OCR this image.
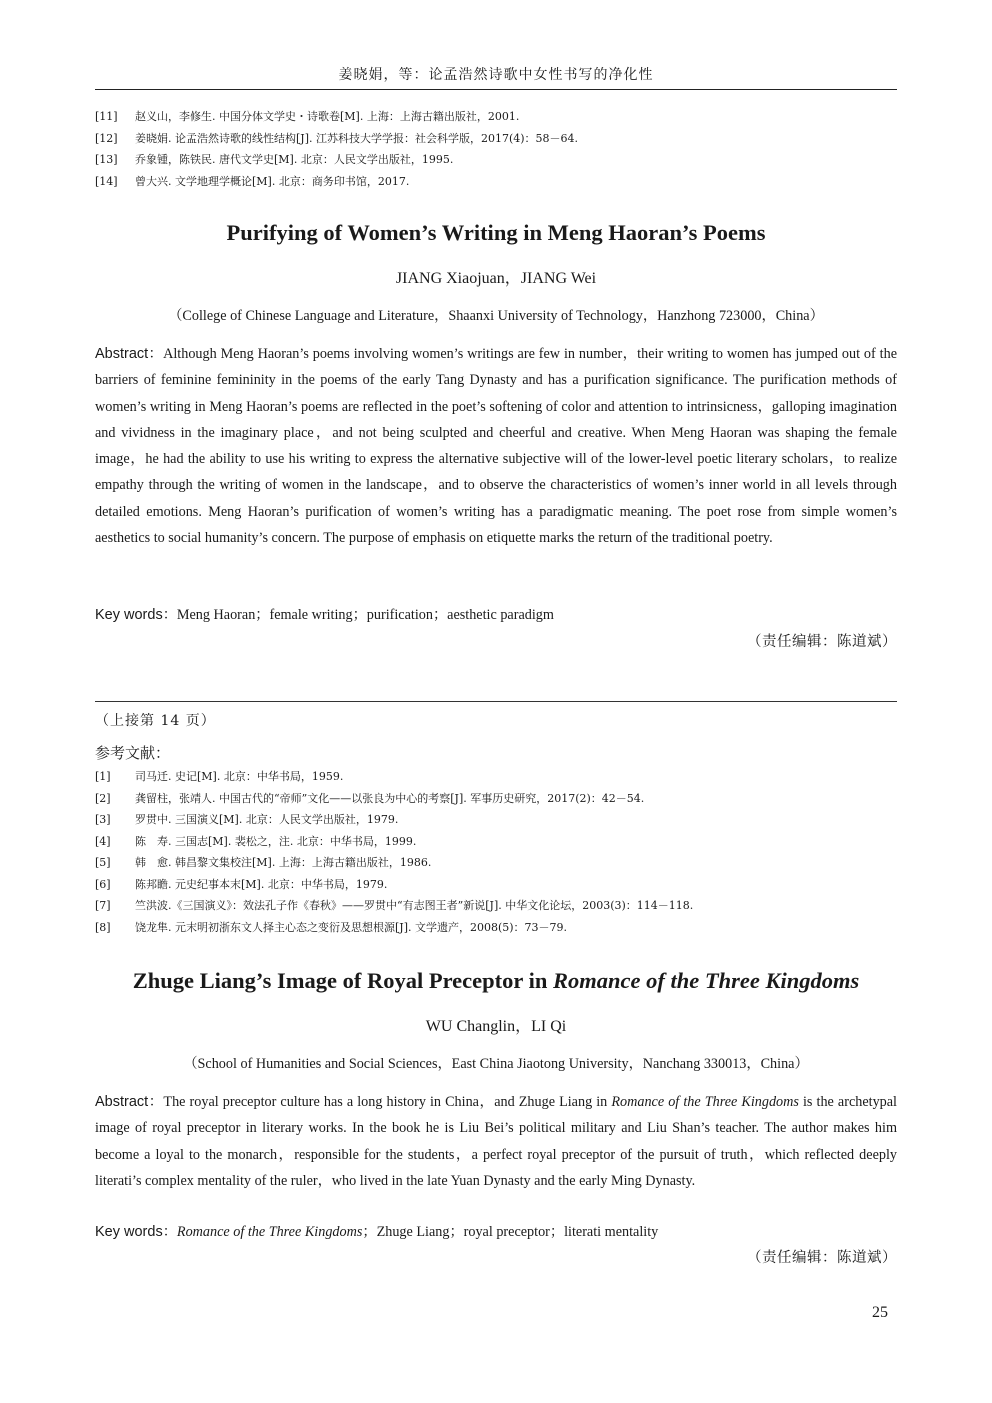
姜晓娟，等：论孟浩然诗歌中女性书写的净化性
[11]	赵义山，李修生. 中国分体文学史・诗歌卷[M]. 上海：上海古籍出版社，2001.
[12]	姜晓娟. 论孟浩然诗歌的线性结构[J]. 江苏科技大学学报：社会科学版，2017(4)：58－64.
[13]	乔象锺，陈铁民. 唐代文学史[M]. 北京：人民文学出版社，1995.
[14]	曾大兴. 文学地理学概论[M]. 北京：商务印书馆，2017.
Purifying of Women’s Writing in Meng Haoran’s Poems
JIANG Xiaojuan，JIANG Wei
（College of Chinese Language and Literature，Shaanxi University of Technology，Hanzhong 723000，China）
Abstract：Although Meng Haoran’s poems involving women’s writings are few in number，their writing to women has jumped out of the barriers of feminine femininity in the poems of the early Tang Dynasty and has a purification significance. The purification methods of women’s writing in Meng Haoran’s poems are reflected in the poet’s softening of color and attention to intrinsicness，galloping imagination and vividness in the imaginary place，and not being sculpted and cheerful and creative. When Meng Haoran was shaping the female image，he had the ability to use his writing to express the alternative subjective will of the lower-level poetic literary scholars，to realize empathy through the writing of women in the landscape，and to observe the characteristics of women’s inner world in all levels through detailed emotions. Meng Haoran’s purification of women’s writing has a paradigmatic meaning. The poet rose from simple women’s aesthetics to social humanity’s concern. The purpose of emphasis on etiquette marks the return of the traditional poetry.
Key words：Meng Haoran；female writing；purification；aesthetic paradigm
（责任编辑：陈道斌）
（上接第 14 页）
参考文献：
[1]	司马迁. 史记[M]. 北京：中华书局，1959.
[2]	龚留柱，张靖人. 中国古代的“帝师”文化——以张良为中心的考察[J]. 军事历史研究，2017(2)：42－54.
[3]	罗贯中. 三国演义[M]. 北京：人民文学出版社，1979.
[4]	陈　寿. 三国志[M]. 裴松之，注. 北京：中华书局，1999.
[5]	韩　愈. 韩昌黎文集校注[M]. 上海：上海古籍出版社，1986.
[6]	陈邦瞻. 元史纪事本末[M]. 北京：中华书局，1979.
[7]	竺洪波.《三国演义》：效法孔子作《春秋》——罗贯中“有志图王者”新说[J]. 中华文化论坛，2003(3)：114－118.
[8]	饶龙隼. 元末明初浙东文人择主心态之变衍及思想根源[J]. 文学遗产，2008(5)：73－79.
Zhuge Liang’s Image of Royal Preceptor in Romance of the Three Kingdoms
WU Changlin，LI Qi
（School of Humanities and Social Sciences，East China Jiaotong University，Nanchang 330013，China）
Abstract：The royal preceptor culture has a long history in China，and Zhuge Liang in Romance of the Three Kingdoms is the archetypal image of royal preceptor in literary works. In the book he is Liu Bei’s political military and Liu Shan’s teacher. The author makes him become a loyal to the monarch，responsible for the students，a perfect royal preceptor of the pursuit of truth，which reflected deeply literati’s complex mentality of the ruler，who lived in the late Yuan Dynasty and the early Ming Dynasty.
Key words：Romance of the Three Kingdoms；Zhuge Liang；royal preceptor；literati mentality
（责任编辑：陈道斌）
25
